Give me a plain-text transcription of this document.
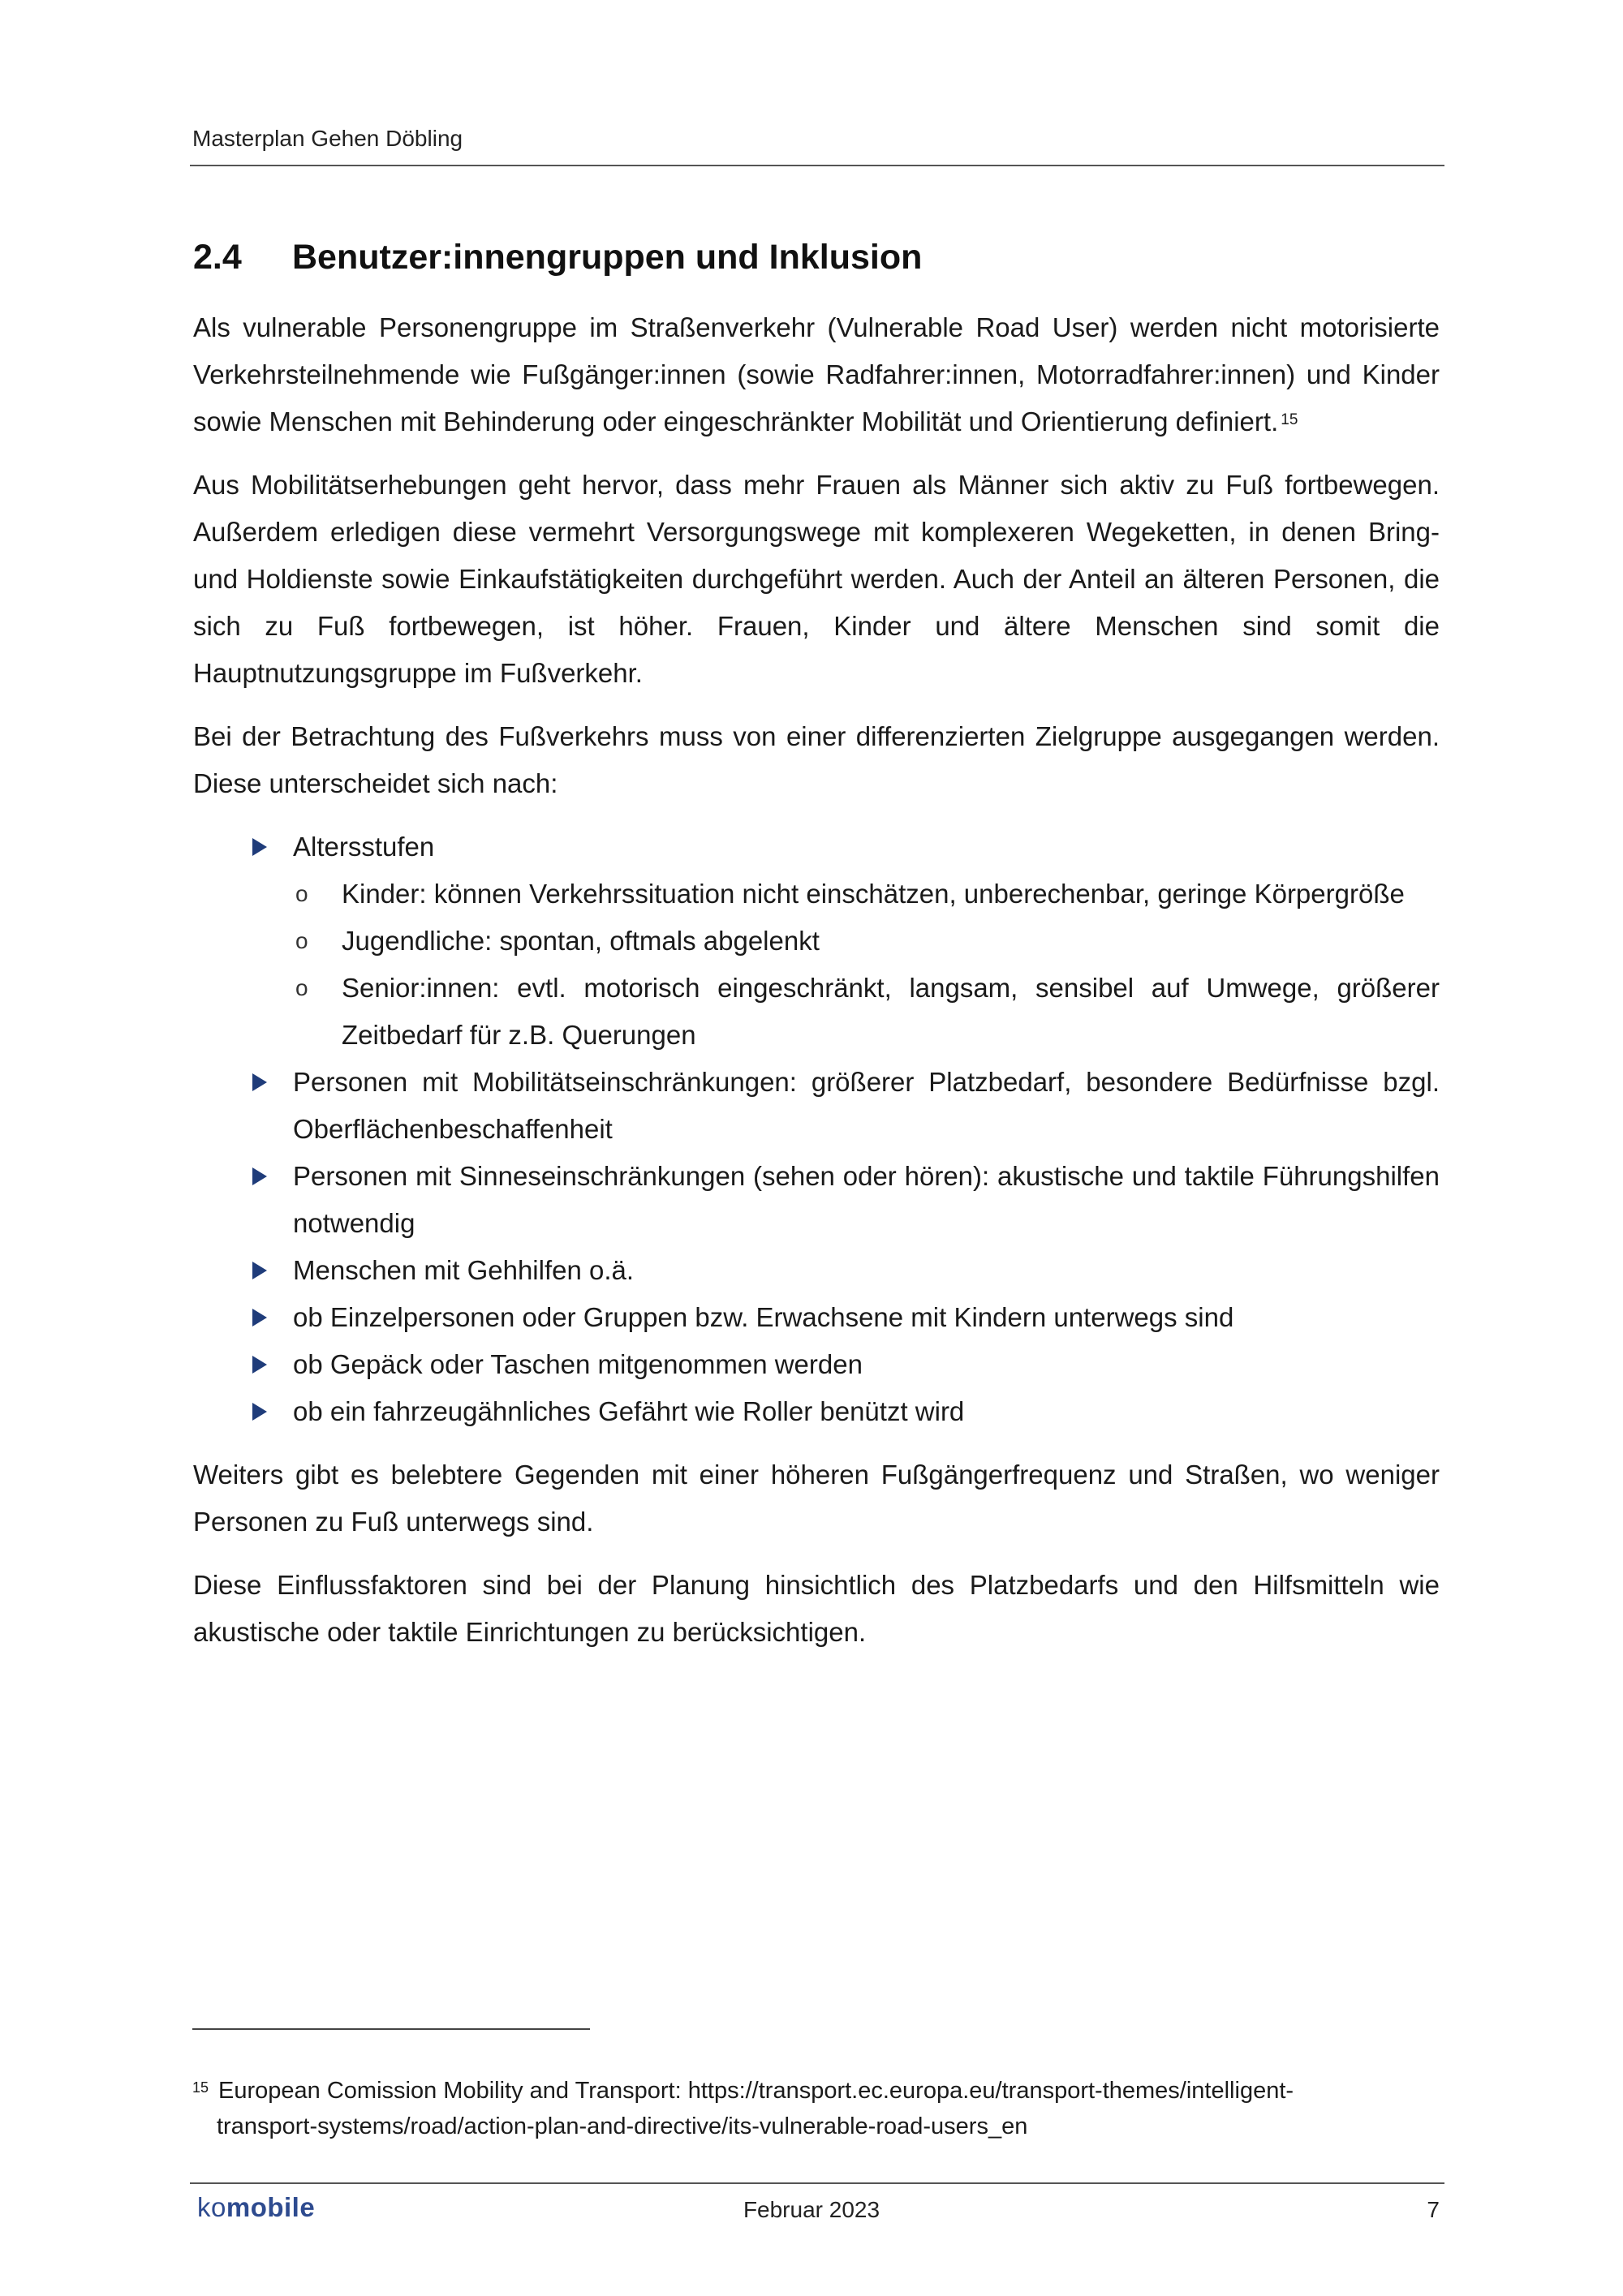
Masterplan Gehen Döbling
2.4	Benutzer:innengruppen und Inklusion

Als vulnerable Personengruppe im Straßenverkehr (Vulnerable Road User) werden nicht motorisierte Verkehrsteilnehmende wie Fußgänger:innen (sowie Radfahrer:innen, Motorradfahrer:innen) und Kinder sowie Menschen mit Behinderung oder eingeschränkter Mobilität und Orientierung definiert. $^{15}$

Aus Mobilitätserhebungen geht hervor, dass mehr Frauen als Männer sich aktiv zu Fuß fortbewegen. Außerdem erledigen diese vermehrt Versorgungswege mit komplexeren Wegeketten, in denen Bring- und Holdienste sowie Einkaufstätigkeiten durchgeführt werden. Auch der Anteil an älteren Personen, die sich zu Fuß fortbewegen, ist höher. Frauen, Kinder und ältere Menschen sind somit die Hauptnutzungsgruppe im Fußverkehr.

Bei der Betrachtung des Fußverkehrs muss von einer differenzierten Zielgruppe ausgegangen werden. Diese unterscheidet sich nach:

Altersstufen
o Kinder: können Verkehrssituation nicht einschätzen, unberechenbar, geringe Körpergröße
o Jugendliche: spontan, oftmals abgelenkt
o Senior:innen: evtl. motorisch eingeschränkt, langsam, sensibel auf Umwege, größerer Zeitbedarf für z.B. Querungen
Personen mit Mobilitätseinschränkungen: größerer Platzbedarf, besondere Bedürfnisse bzgl. Oberflächenbeschaffenheit
Personen mit Sinneseinschränkungen (sehen oder hören): akustische und taktile Führungshilfen notwendig
Menschen mit Gehhilfen o.ä.
ob Einzelpersonen oder Gruppen bzw. Erwachsene mit Kindern unterwegs sind
ob Gepäck oder Taschen mitgenommen werden
ob ein fahrzeugähnliches Gefährt wie Roller benützt wird

Weiters gibt es belebtere Gegenden mit einer höheren Fußgängerfrequenz und Straßen, wo weniger Personen zu Fuß unterwegs sind.

Diese Einflussfaktoren sind bei der Planung hinsichtlich des Platzbedarfs und den Hilfsmitteln wie akustische oder taktile Einrichtungen zu berücksichtigen.

$^{15}$ European Comission Mobility and Transport: https://transport.ec.europa.eu/transport-themes/intelligent-
transport-systems/road/action-plan-and-directive/its-vulnerable-road-users_en
komobile	Februar 2023	7
